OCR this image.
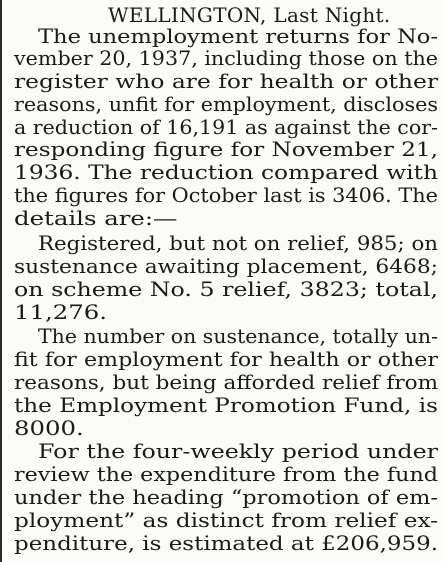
WELLINGTON, Last Night.
The unemployment returns for No-
vember 20, 1937, including those on the
register who are for health or other
reasons, unfit for employment, discloses
a reduction of 16,191 as against the cor-
responding figure for November 21,
1936. The reduction compared with
the figures for October last is 3406. The
details are:—
Registered, but not on relief, 985; on
sustenance awaiting placement, 6468;
on scheme No. 5 relief, 3823; total,
11,276.
The number on sustenance, totally un-
fit for employment for health or other
reasons, but being afforded relief from
the Employment Promotion Fund, is
8000.
For the four-weekly period under
review the expenditure from the fund
under the heading “promotion of em-
ployment” as distinct from relief ex-
penditure, is estimated at £206,959.
